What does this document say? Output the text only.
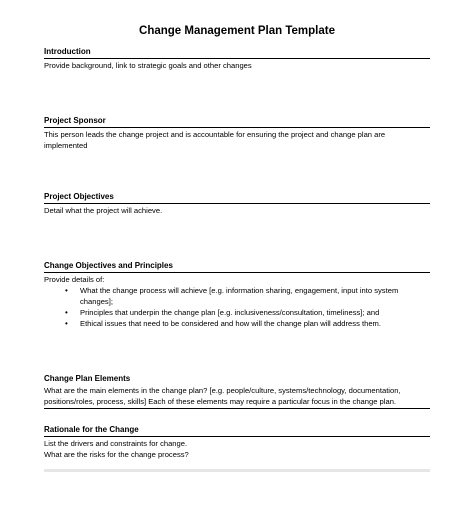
Change Management Plan Template
Introduction
Provide background, link to strategic goals and other changes
Project Sponsor
This person leads the change project and is accountable for ensuring the project and change plan are
implemented
Project Objectives
Detail what the project will achieve.
Change Objectives and Principles
Provide details of:
• What the change process will achieve [e.g. information sharing, engagement, input into system changes];
• Principles that underpin the change plan [e.g. inclusiveness/consultation, timeliness]; and
• Ethical issues that need to be considered and how will the change plan will address them.
Change Plan Elements
What are the main elements in the change plan? [e.g. people/culture, systems/technology, documentation,
positions/roles, process, skills] Each of these elements may require a particular focus in the change plan.
Rationale for the Change
List the drivers and constraints for change.
What are the risks for the change process?
